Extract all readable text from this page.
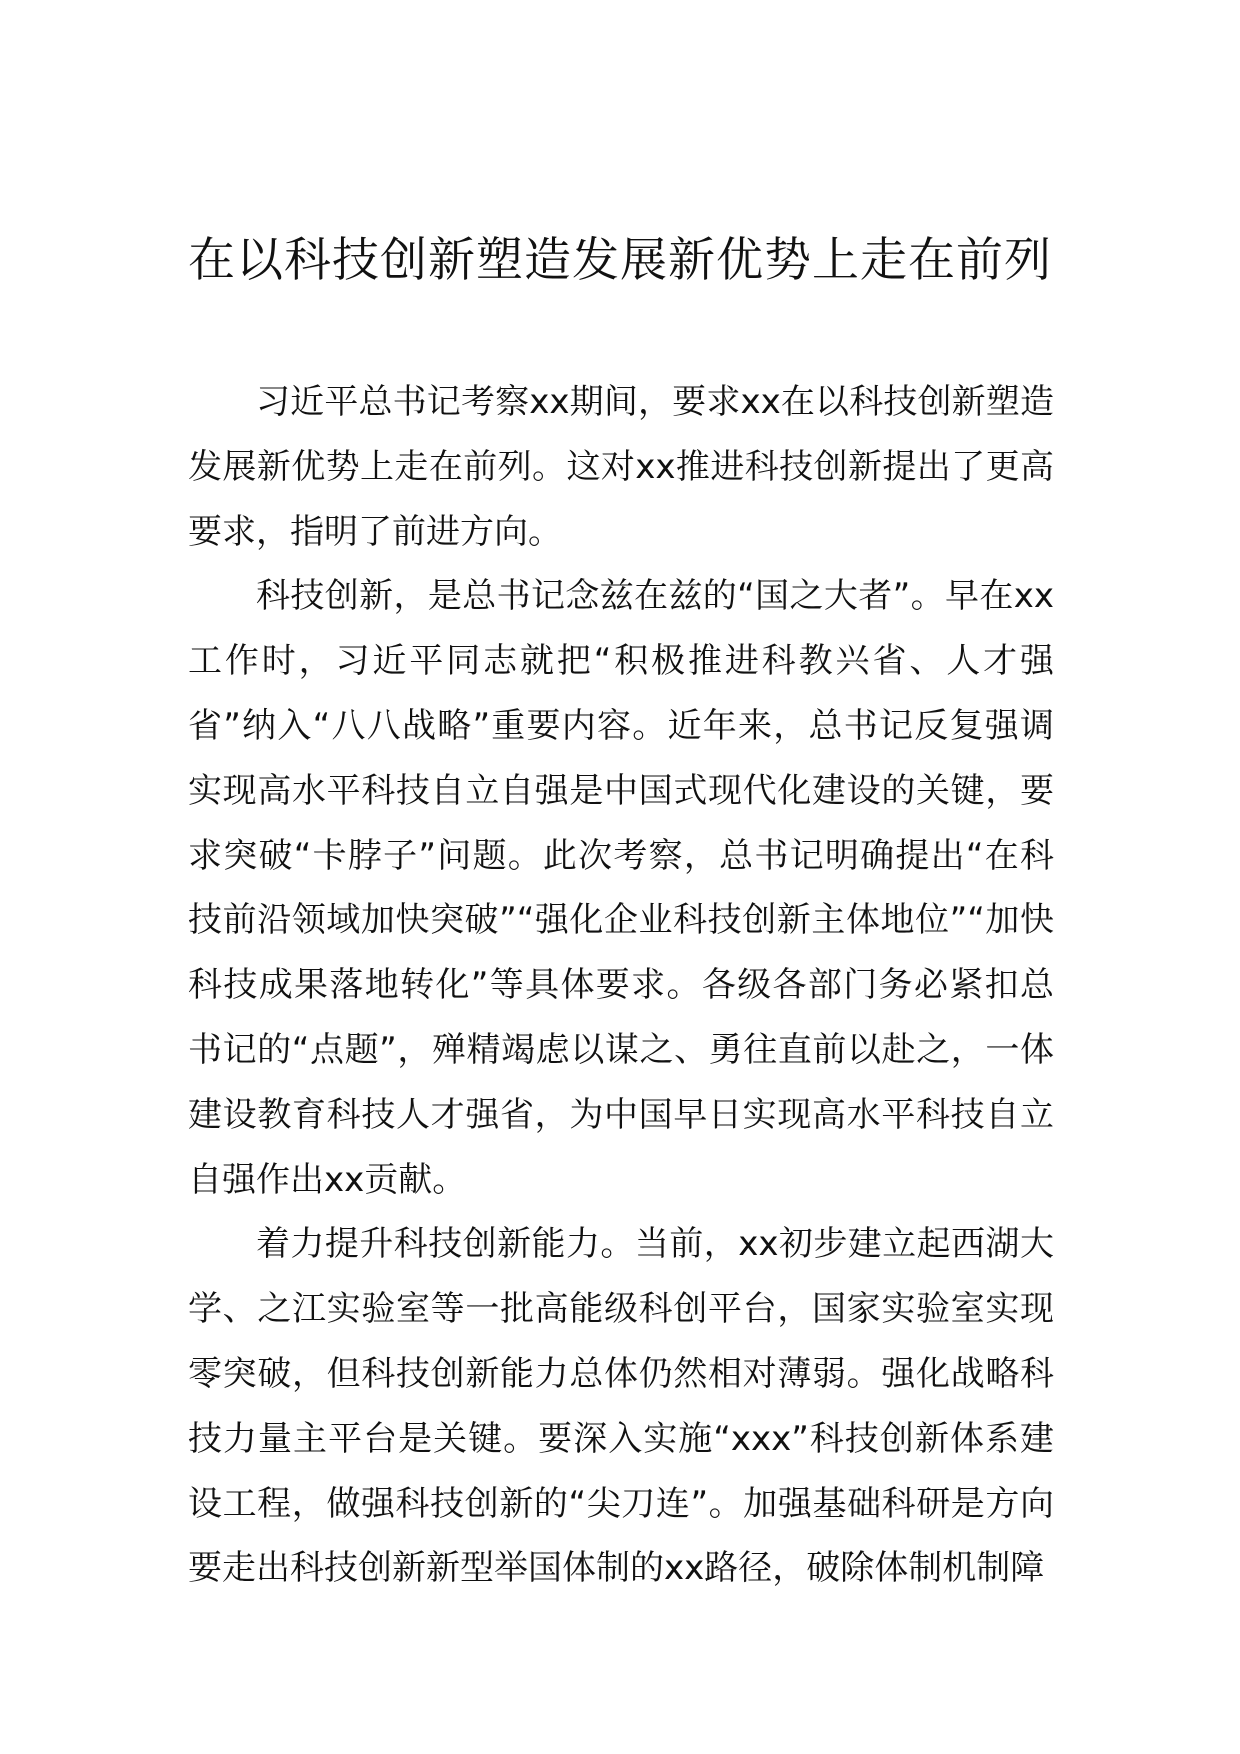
在以科技创新塑造发展新优势上走在前列

习近平总书记考察xx期间，要求xx在以科技创新塑造发展新优势上走在前列。这对xx推进科技创新提出了更高要求，指明了前进方向。

科技创新，是总书记念兹在兹的“国之大者”。早在xx工作时，习近平同志就把“积极推进科教兴省、人才强省”纳入“八八战略”重要内容。近年来，总书记反复强调实现高水平科技自立自强是中国式现代化建设的关键，要求突破“卡脖子”问题。此次考察，总书记明确提出“在科技前沿领域加快突破”“强化企业科技创新主体地位”“加快科技成果落地转化”等具体要求。各级各部门务必紧扣总书记的“点题”，殚精竭虑以谋之、勇往直前以赴之，一体建设教育科技人才强省，为中国早日实现高水平科技自立自强作出xx贡献。

着力提升科技创新能力。当前，xx初步建立起西湖大学、之江实验室等一批高能级科创平台，国家实验室实现零突破，但科技创新能力总体仍然相对薄弱。强化战略科技力量主平台是关键。要深入实施“xxx”科技创新体系建设工程，做强科技创新的“尖刀连”。加强基础科研是方向要走出科技创新新型举国体制的xx路径，破除体制机制障
